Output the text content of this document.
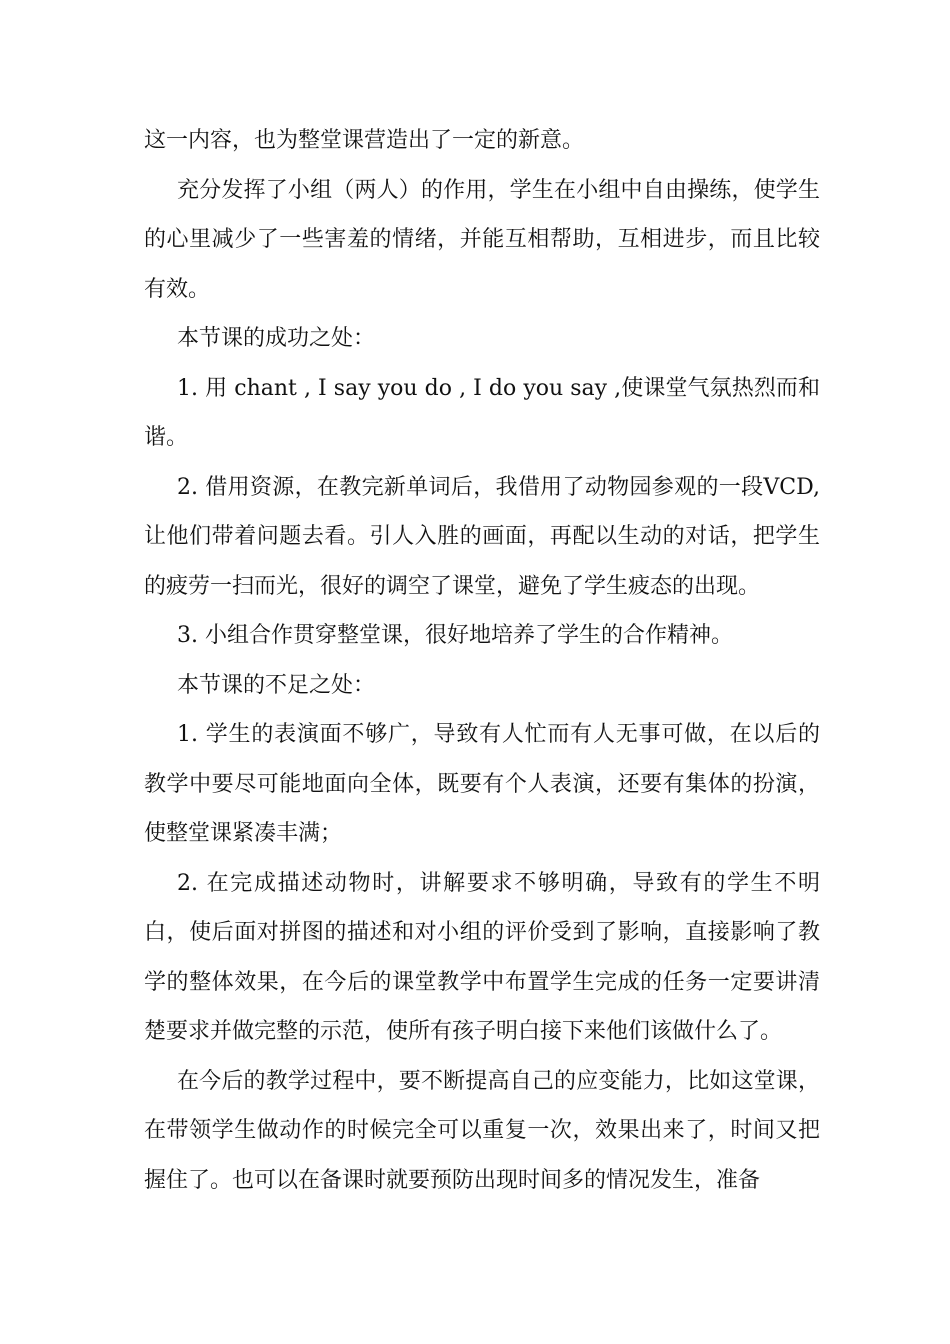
这一内容，也为整堂课营造出了一定的新意。

充分发挥了小组（两人）的作用，学生在小组中自由操练，使学生的心里减少了一些害羞的情绪，并能互相帮助，互相进步，而且比较有效。

本节课的成功之处：

1. 用 chant , I say you do , I do you say ,使课堂气氛热烈而和谐。

2. 借用资源，在教完新单词后，我借用了动物园参观的一段VCD, 让他们带着问题去看。引人入胜的画面，再配以生动的对话，把学生的疲劳一扫而光，很好的调空了课堂，避免了学生疲态的出现。

3. 小组合作贯穿整堂课，很好地培养了学生的合作精神。

本节课的不足之处：

1. 学生的表演面不够广，导致有人忙而有人无事可做，在以后的教学中要尽可能地面向全体，既要有个人表演，还要有集体的扮演，使整堂课紧凑丰满；

2. 在完成描述动物时，讲解要求不够明确，导致有的学生不明白，使后面对拼图的描述和对小组的评价受到了影响，直接影响了教学的整体效果，在今后的课堂教学中布置学生完成的任务一定要讲清楚要求并做完整的示范，使所有孩子明白接下来他们该做什么了。

在今后的教学过程中，要不断提高自己的应变能力，比如这堂课，在带领学生做动作的时候完全可以重复一次，效果出来了，时间又把握住了。也可以在备课时就要预防出现时间多的情况发生，准备
